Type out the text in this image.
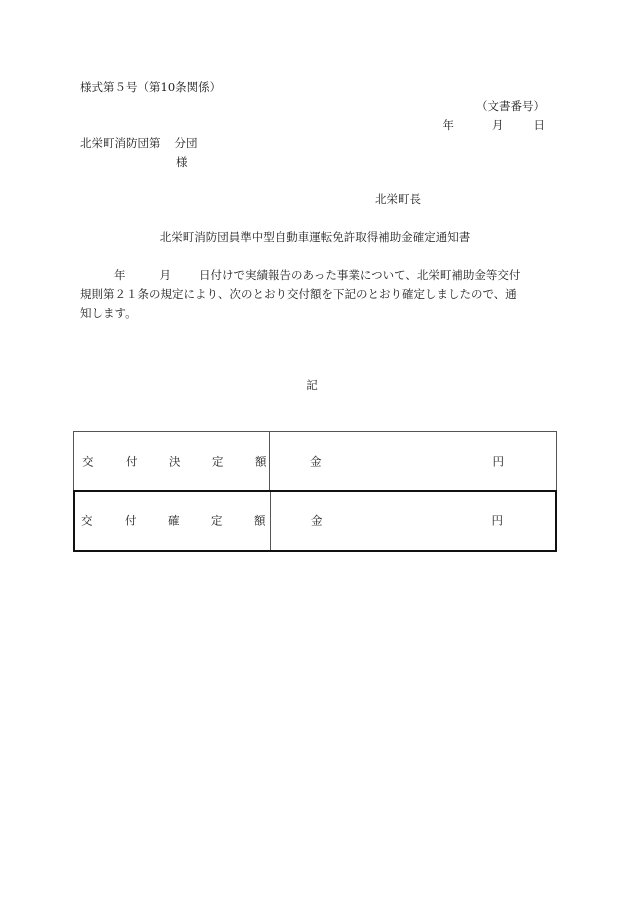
様式第５号（第10条関係）
（文書番号）
年	月	日
北栄町消防団第 分団
様
北栄町長
北栄町消防団員準中型自動車運転免許取得補助金確定通知書
年	月 日付けで実績報告のあった事業について、北栄町補助金等交付
規則第２１条の規定により、次のとおり交付額を下記のとおり確定しましたので、通
知します。
記
交	付	決	定	額	金	円
交	付	確	定	額	金	円
